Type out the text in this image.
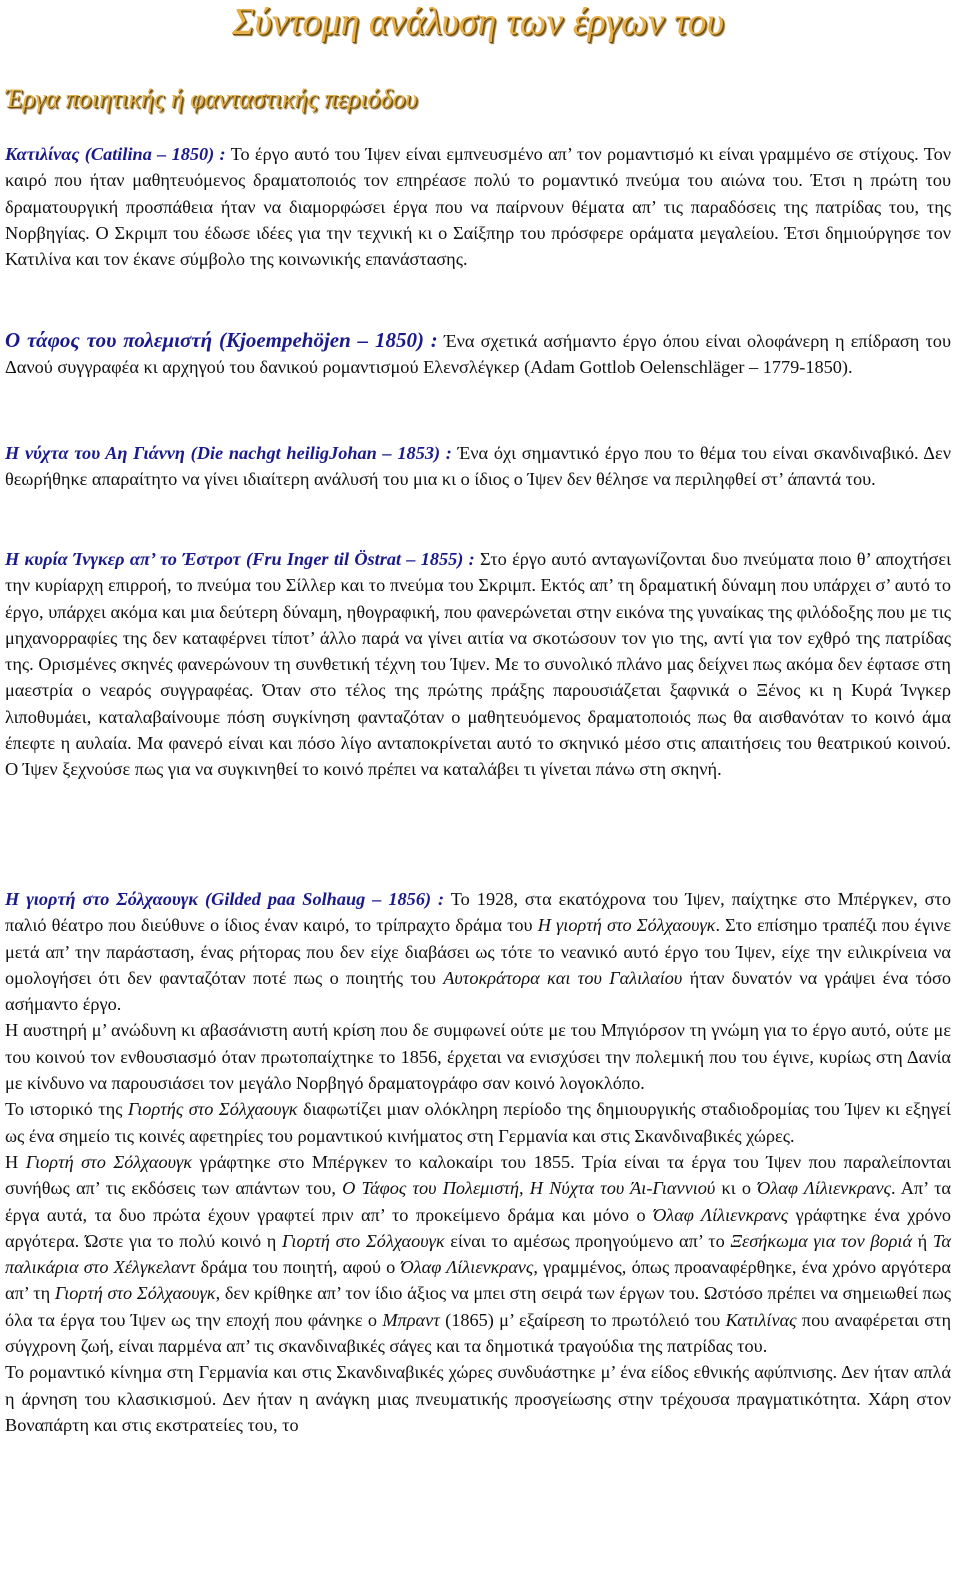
Σύντομη ανάλυση των έργων του
Έργα ποιητικής ή φανταστικής περιόδου

Κατιλίνας (Catilina – 1850) : Το έργο αυτό του Ίψεν είναι εμπνευσμένο απ’ τον ρομαντισμό κι είναι γραμμένο σε στίχους. Τον καιρό που ήταν μαθητευόμενος δραματοποιός τον επηρέασε πολύ το ρομαντικό πνεύμα του αιώνα του. Έτσι η πρώτη του δραματουργική προσπάθεια ήταν να διαμορφώσει έργα που να παίρνουν θέματα απ’ τις παραδόσεις της πατρίδας του, της Νορβηγίας. Ο Σκριμπ του έδωσε ιδέες για την τεχνική κι ο Σαίξπηρ του πρόσφερε οράματα μεγαλείου. Έτσι δημιούργησε τον Κατιλίνα και τον έκανε σύμβολο της κοινωνικής επανάστασης.

Ο τάφος του πολεμιστή (Kjoempehöjen – 1850) : Ένα σχετικά ασήμαντο έργο όπου είναι ολοφάνερη η επίδραση του Δανού συγγραφέα κι αρχηγού του δανικού ρομαντισμού Ελενσλέγκερ (Adam Gottlob Oelenschläger – 1779-1850).

Η νύχτα του Αη Γιάννη (Die nachgt heiligJohan – 1853) : Ένα όχι σημαντικό έργο που το θέμα του είναι σκανδιναβικό. Δεν θεωρήθηκε απαραίτητο να γίνει ιδιαίτερη ανάλυσή του μια κι ο ίδιος ο Ίψεν δεν θέλησε να περιληφθεί στ’ άπαντά του.

Η κυρία Ίνγκερ απ’ το Έστροτ (Fru Inger til Östrat – 1855) : Στο έργο αυτό ανταγωνίζονται δυο πνεύματα ποιο θ’ αποχτήσει την κυρίαρχη επιρροή, το πνεύμα του Σίλλερ και το πνεύμα του Σκριμπ. Εκτός απ’ τη δραματική δύναμη που υπάρχει σ’ αυτό το έργο, υπάρχει ακόμα και μια δεύτερη δύναμη, ηθογραφική, που φανερώνεται στην εικόνα της γυναίκας της φιλόδοξης που με τις μηχανορραφίες της δεν καταφέρνει τίποτ’ άλλο παρά να γίνει αιτία να σκοτώσουν τον γιο της, αντί για τον εχθρό της πατρίδας της. Ορισμένες σκηνές φανερώνουν τη συνθετική τέχνη του Ίψεν. Με το συνολικό πλάνο μας δείχνει πως ακόμα δεν έφτασε στη μαεστρία ο νεαρός συγγραφέας. Όταν στο τέλος της πρώτης πράξης παρουσιάζεται ξαφνικά ο Ξένος κι η Κυρά Ίνγκερ λιποθυμάει, καταλαβαίνουμε πόση συγκίνηση φανταζόταν ο μαθητευόμενος δραματοποιός πως θα αισθανόταν το κοινό άμα έπεφτε η αυλαία. Μα φανερό είναι και πόσο λίγο ανταποκρίνεται αυτό το σκηνικό μέσο στις απαιτήσεις του θεατρικού κοινού. Ο Ίψεν ξεχνούσε πως για να συγκινηθεί το κοινό πρέπει να καταλάβει τι γίνεται πάνω στη σκηνή.

Η γιορτή στο Σόλχαουγκ (Gilded paa Solhaug – 1856) : Το 1928, στα εκατόχρονα του Ίψεν, παίχτηκε στο Μπέργκεν, στο παλιό θέατρο που διεύθυνε ο ίδιος έναν καιρό, το τρίπραχτο δράμα του Η γιορτή στο Σόλχαουγκ. Στο επίσημο τραπέζι που έγινε μετά απ’ την παράσταση, ένας ρήτορας που δεν είχε διαβάσει ως τότε το νεανικό αυτό έργο του Ίψεν, είχε την ειλικρίνεια να ομολογήσει ότι δεν φανταζόταν ποτέ πως ο ποιητής του Αυτοκράτορα και του Γαλιλαίου ήταν δυνατόν να γράψει ένα τόσο ασήμαντο έργο.

Η αυστηρή μ’ ανώδυνη κι αβασάνιστη αυτή κρίση που δε συμφωνεί ούτε με του Μπγιόρσον τη γνώμη για το έργο αυτό, ούτε με του κοινού τον ενθουσιασμό όταν πρωτοπαίχτηκε το 1856, έρχεται να ενισχύσει την πολεμική που του έγινε, κυρίως στη Δανία με κίνδυνο να παρουσιάσει τον μεγάλο Νορβηγό δραματογράφο σαν κοινό λογοκλόπο.

Το ιστορικό της Γιορτής στο Σόλχαουγκ διαφωτίζει μιαν ολόκληρη περίοδο της δημιουργικής σταδιοδρομίας του Ίψεν κι εξηγεί ως ένα σημείο τις κοινές αφετηρίες του ρομαντικού κινήματος στη Γερμανία και στις Σκανδιναβικές χώρες.

Η Γιορτή στο Σόλχαουγκ γράφτηκε στο Μπέργκεν το καλοκαίρι του 1855. Τρία είναι τα έργα του Ίψεν που παραλείπονται συνήθως απ’ τις εκδόσεις των απάντων του, Ο Τάφος του Πολεμιστή, Η Νύχτα του Άι-Γιαννιού κι ο Όλαφ Λίλιενκρανς. Απ’ τα έργα αυτά, τα δυο πρώτα έχουν γραφτεί πριν απ’ το προκείμενο δράμα και μόνο ο Όλαφ Λίλιενκρανς γράφτηκε ένα χρόνο αργότερα. Ώστε για το πολύ κοινό η Γιορτή στο Σόλχαουγκ είναι το αμέσως προηγούμενο απ’ το Ξεσήκωμα για τον βοριά ή Τα παλικάρια στο Χέλγκελαντ δράμα του ποιητή, αφού ο Όλαφ Λίλιενκρανς, γραμμένος, όπως προαναφέρθηκε, ένα χρόνο αργότερα απ’ τη Γιορτή στο Σόλχαουγκ, δεν κρίθηκε απ’ τον ίδιο άξιος να μπει στη σειρά των έργων του. Ωστόσο πρέπει να σημειωθεί πως όλα τα έργα του Ίψεν ως την εποχή που φάνηκε ο Μπραντ (1865) μ’ εξαίρεση το πρωτόλειό του Κατιλίνας που αναφέρεται στη σύγχρονη ζωή, είναι παρμένα απ’ τις σκανδιναβικές σάγες και τα δημοτικά τραγούδια της πατρίδας του.

Το ρομαντικό κίνημα στη Γερμανία και στις Σκανδιναβικές χώρες συνδυάστηκε μ’ ένα είδος εθνικής αφύπνισης. Δεν ήταν απλά η άρνηση του κλασικισμού. Δεν ήταν η ανάγκη μιας πνευματικής προσγείωσης στην τρέχουσα πραγματικότητα. Χάρη στον Βοναπάρτη και στις εκστρατείες του, το
